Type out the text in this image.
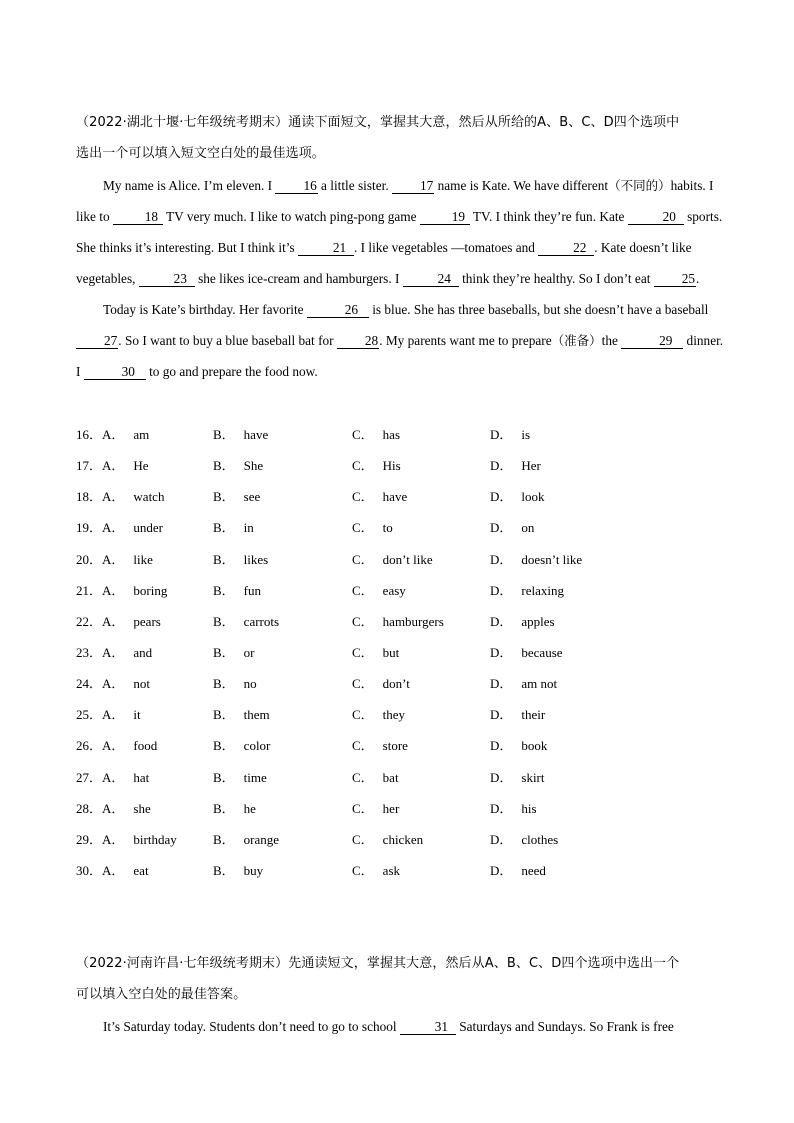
（2022·湖北十堰·七年级统考期末）通读下面短文，掌握其大意，然后从所给的A、B、C、D四个选项中
选出一个可以填入短文空白处的最佳选项。

My name is Alice. I’m eleven. I 16 a little sister. 17 name is Kate. We have different（不同的）habits. I like to 18 TV very much. I like to watch ping-pong game 19 TV. I think they’re fun. Kate	20 sports. She thinks it’s interesting. But I think it’s	21 . I like vegetables —tomatoes and	22 . Kate doesn’t like vegetables,	23 she likes ice-cream and hamburgers. I	24 think they’re healthy. So I don’t eat 25.

Today is Kate’s birthday. Her favorite	26 is blue. She has three baseballs, but she doesn’t have a baseball 27. So I want to buy a blue baseball bat for 28. My parents want me to prepare（准备）the	29 dinner. I	30 to go and prepare the food now.

16．A． am	B． have	C． has	D． is
17．A． He	B． She	C． His	D． Her
18．A． watch	B． see	C． have	D． look
19．A． under	B． in	C． to	D． on
20．A． like	B． likes	C． don’t like	D． doesn’t like
21．A． boring	B． fun	C． easy	D． relaxing
22．A． pears	B． carrots	C． hamburgers	D． apples
23．A． and	B． or	C． but	D． because
24．A． not	B． no	C． don’t	D． am not
25．A． it	B． them	C． they	D． their
26．A． food	B． color	C． store	D． book
27．A． hat	B． time	C． bat	D． skirt
28．A． she	B． he	C． her	D． his
29．A． birthday	B． orange	C． chicken	D． clothes
30．A． eat	B． buy	C． ask	D． need
（2022·河南许昌·七年级统考期末）先通读短文，掌握其大意，然后从A、B、C、D四个选项中选出一个
可以填入空白处的最佳答案。

It’s Saturday today. Students don’t need to go to school	31 Saturdays and Sundays. So Frank is free
